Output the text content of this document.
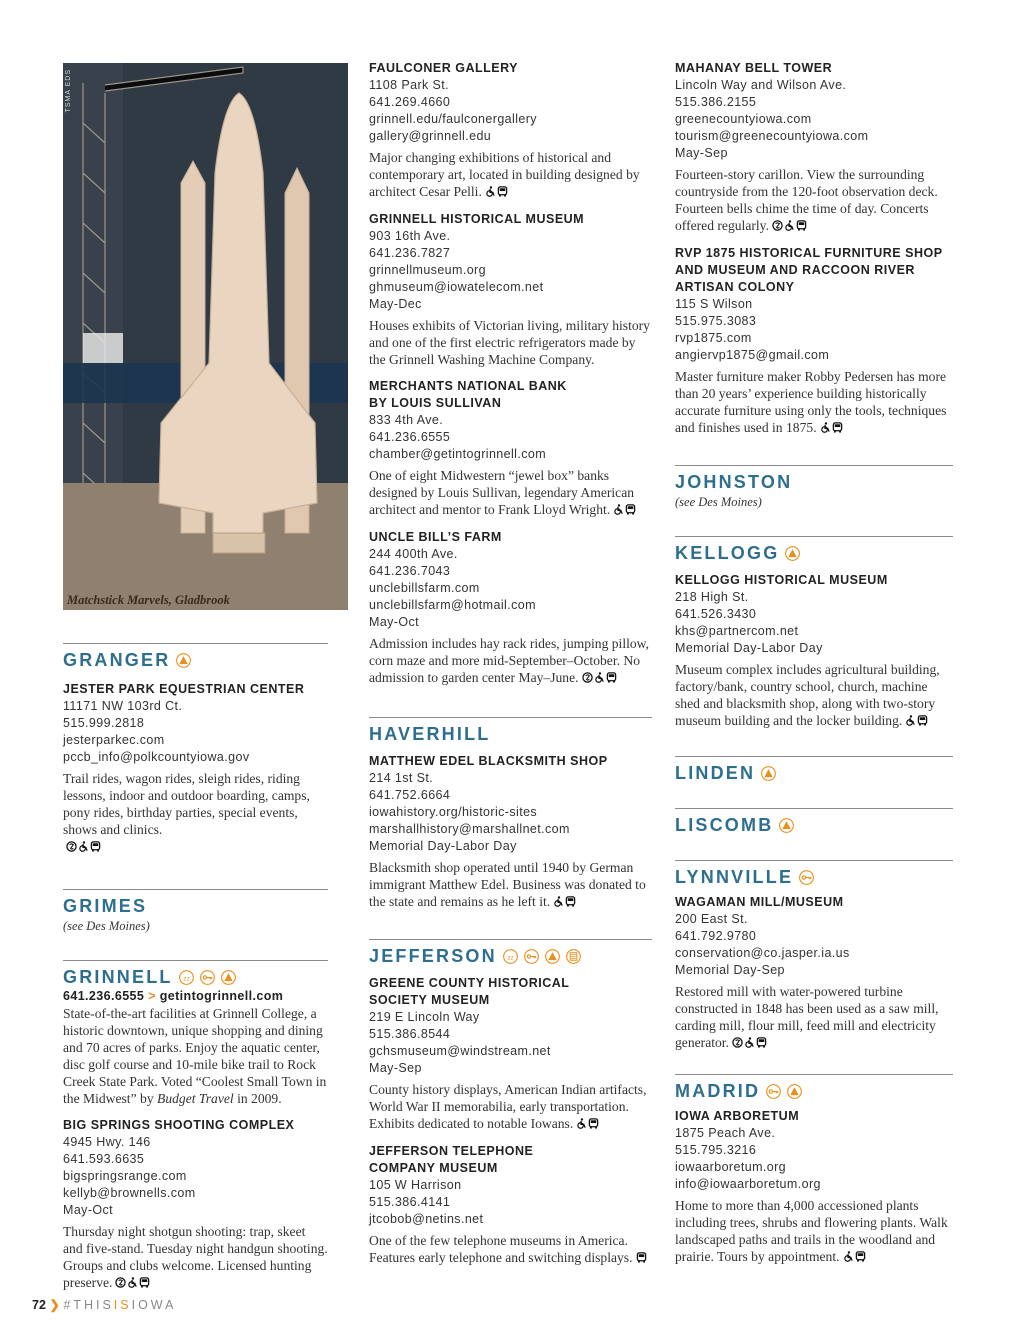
Matchstick Marvels, Gladbrook
TSMA EDS
GRANGER
JESTER PARK EQUESTRIAN CENTER
11171 NW 103rd Ct.
515.999.2818
jesterparkec.com
pccb_info@polkcountyiowa.gov
Trail rides, wagon rides, sleigh rides, riding lessons, indoor and outdoor boarding, camps, pony rides, birthday parties, special events, shows and clinics.

GRIMES
(see Des Moines)
GRINNELL
641.236.6555 > getintogrinnell.com
State-of-the-art facilities at Grinnell College, a historic downtown, unique shopping and dining and 70 acres of parks. Enjoy the aquatic center, disc golf course and 10-mile bike trail to Rock Creek State Park. Voted “Coolest Small Town in the Midwest” by Budget Travel in 2009.
BIG SPRINGS SHOOTING COMPLEX
4945 Hwy. 146
641.593.6635
bigspringsrange.com
kellyb@brownells.com
May-Oct
Thursday night shotgun shooting: trap, skeet and five-stand. Tuesday night handgun shooting. Groups and clubs welcome. Licensed hunting preserve.
FAULCONER GALLERY
1108 Park St.
641.269.4660
grinnell.edu/faulconergallery
gallery@grinnell.edu
Major changing exhibitions of historical and contemporary art, located in building designed by architect Cesar Pelli.
GRINNELL HISTORICAL MUSEUM
903 16th Ave.
641.236.7827
grinnellmuseum.org
ghmuseum@iowatelecom.net
May-Dec
Houses exhibits of Victorian living, military history and one of the first electric refrigerators made by the Grinnell Washing Machine Company.
MERCHANTS NATIONAL BANK
BY LOUIS SULLIVAN
833 4th Ave.
641.236.6555
chamber@getintogrinnell.com
One of eight Midwestern “jewel box” banks designed by Louis Sullivan, legendary American architect and mentor to Frank Lloyd Wright.
UNCLE BILL’S FARM
244 400th Ave.
641.236.7043
unclebillsfarm.com
unclebillsfarm@hotmail.com
May-Oct
Admission includes hay rack rides, jumping pillow, corn maze and more mid-September–October. No admission to garden center May–June.
HAVERHILL
MATTHEW EDEL BLACKSMITH SHOP
214 1st St.
641.752.6664
iowahistory.org/historic-sites
marshallhistory@marshallnet.com
Memorial Day-Labor Day
Blacksmith shop operated until 1940 by German immigrant Matthew Edel. Business was donated to the state and remains as he left it.
JEFFERSON
GREENE COUNTY HISTORICAL
SOCIETY MUSEUM
219 E Lincoln Way
515.386.8544
gchsmuseum@windstream.net
May-Sep
County history displays, American Indian artifacts, World War II memorabilia, early transportation. Exhibits dedicated to notable Iowans.
JEFFERSON TELEPHONE
COMPANY MUSEUM
105 W Harrison
515.386.4141
jtcobob@netins.net
One of the few telephone museums in America. Features early telephone and switching displays.
MAHANAY BELL TOWER
Lincoln Way and Wilson Ave.
515.386.2155
greenecountyiowa.com
tourism@greenecountyiowa.com
May-Sep
Fourteen-story carillon. View the surrounding countryside from the 120-foot observation deck. Fourteen bells chime the time of day. Concerts offered regularly.
RVP 1875 HISTORICAL FURNITURE SHOP
AND MUSEUM AND RACCOON RIVER
ARTISAN COLONY
115 S Wilson
515.975.3083
rvp1875.com
angiervp1875@gmail.com
Master furniture maker Robby Pedersen has more than 20 years’ experience building historically accurate furniture using only the tools, techniques and finishes used in 1875.
JOHNSTON
(see Des Moines)
KELLOGG
KELLOGG HISTORICAL MUSEUM
218 High St.
641.526.3430
khs@partnercom.net
Memorial Day-Labor Day
Museum complex includes agricultural building, factory/bank, country school, church, machine shed and blacksmith shop, along with two-story museum building and the locker building.
LINDEN
LISCOMB
LYNNVILLE
WAGAMAN MILL/MUSEUM
200 East St.
641.792.9780
conservation@co.jasper.ia.us
Memorial Day-Sep
Restored mill with water-powered turbine constructed in 1848 has been used as a saw mill, carding mill, flour mill, feed mill and electricity generator.
MADRID
IOWA ARBORETUM
1875 Peach Ave.
515.795.3216
iowaarboretum.org
info@iowaarboretum.org
Home to more than 4,000 accessioned plants including trees, shrubs and flowering plants. Walk landscaped paths and trails in the woodland and prairie. Tours by appointment.
72 ❯ #THISISIOWA
